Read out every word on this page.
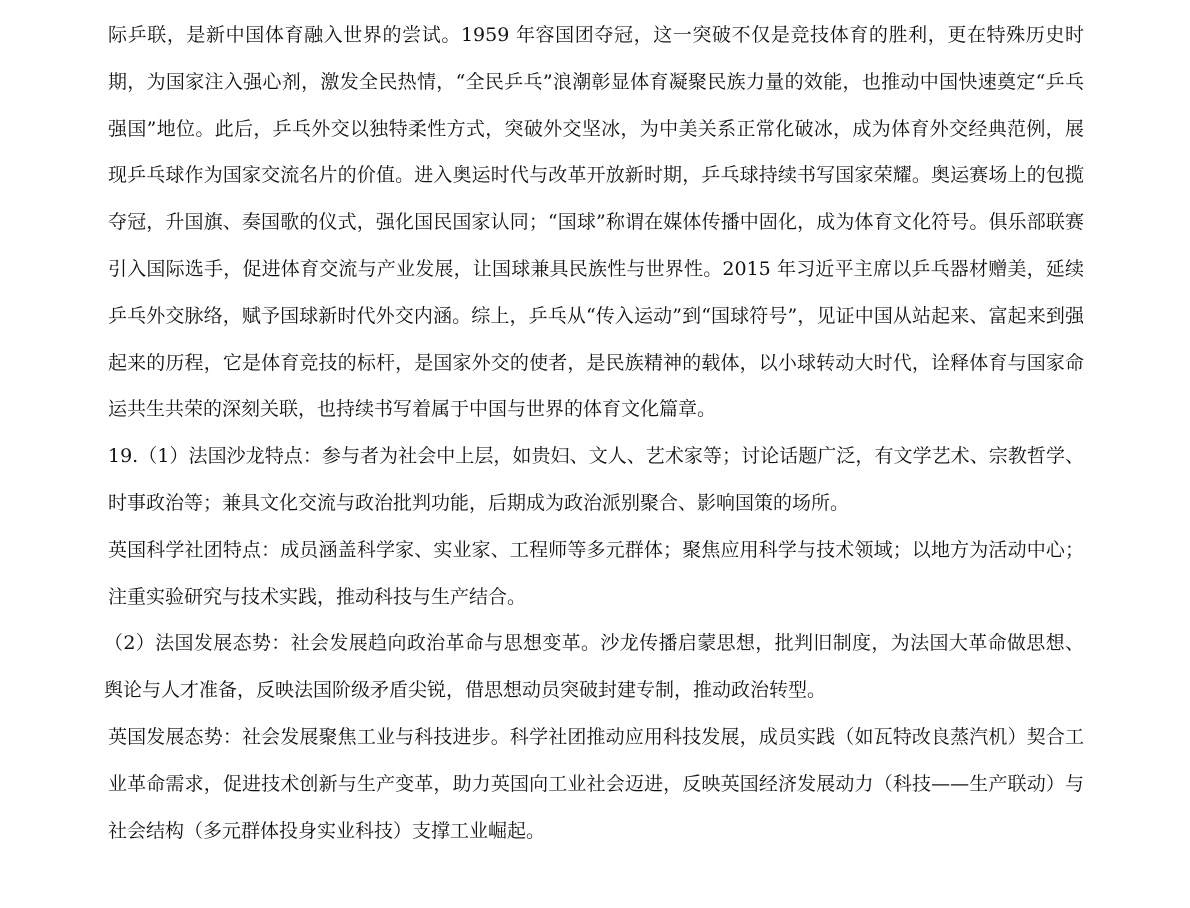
际乒联，是新中国体育融入世界的尝试。1959 年容国团夺冠，这一突破不仅是竞技体育的胜利，更在特殊历史时期，为国家注入强心剂，激发全民热情，“全民乒乓”浪潮彰显体育凝聚民族力量的效能，也推动中国快速奠定“乒乓强国”地位。此后，乒乓外交以独特柔性方式，突破外交坚冰，为中美关系正常化破冰，成为体育外交经典范例，展现乒乓球作为国家交流名片的价值。进入奥运时代与改革开放新时期，乒乓球持续书写国家荣耀。奥运赛场上的包揽夺冠，升国旗、奏国歌的仪式，强化国民国家认同；“国球”称谓在媒体传播中固化，成为体育文化符号。俱乐部联赛引入国际选手，促进体育交流与产业发展，让国球兼具民族性与世界性。2015 年习近平主席以乒乓器材赠美，延续乒乓外交脉络，赋予国球新时代外交内涵。综上，乒乓从“传入运动”到“国球符号”，见证中国从站起来、富起来到强起来的历程，它是体育竞技的标杆，是国家外交的使者，是民族精神的载体，以小球转动大时代，诠释体育与国家命运共生共荣的深刻关联，也持续书写着属于中国与世界的体育文化篇章。

19.（1）法国沙龙特点：参与者为社会中上层，如贵妇、文人、艺术家等；讨论话题广泛，有文学艺术、宗教哲学、时事政治等；兼具文化交流与政治批判功能，后期成为政治派别聚合、影响国策的场所。

英国科学社团特点：成员涵盖科学家、实业家、工程师等多元群体；聚焦应用科学与技术领域；以地方为活动中心；注重实验研究与技术实践，推动科技与生产结合。

（2）法国发展态势：社会发展趋向政治革命与思想变革。沙龙传播启蒙思想，批判旧制度，为法国大革命做思想、舆论与人才准备，反映法国阶级矛盾尖锐，借思想动员突破封建专制，推动政治转型。

英国发展态势：社会发展聚焦工业与科技进步。科学社团推动应用科技发展，成员实践（如瓦特改良蒸汽机）契合工业革命需求，促进技术创新与生产变革，助力英国向工业社会迈进，反映英国经济发展动力（科技——生产联动）与社会结构（多元群体投身实业科技）支撑工业崛起。
